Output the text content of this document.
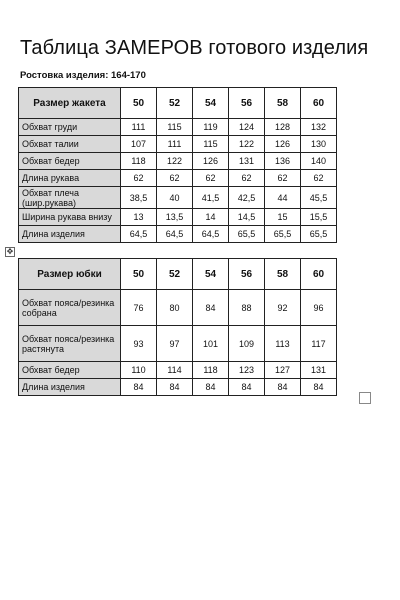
Таблица ЗАМЕРОВ готового изделия
Ростовка изделия: 164-170
Размер жакета	50	52	54	56	58	60
Обхват груди	111	115	119	124	128	132
Обхват талии	107	111	115	122	126	130
Обхват бедер	118	122	126	131	136	140
Длина рукава	62	62	62	62	62	62
Обхват плеча (шир.рукава)	38,5	40	41,5	42,5	44	45,5
Ширина рукава внизу	13	13,5	14	14,5	15	15,5
Длина изделия	64,5	64,5	64,5	65,5	65,5	65,5
✥
Размер юбки	50	52	54	56	58	60
Обхват пояса/резинка собрана	76	80	84	88	92	96
Обхват пояса/резинка растянута	93	97	101	109	113	117
Обхват бедер	110	114	118	123	127	131
Длина изделия	84	84	84	84	84	84
